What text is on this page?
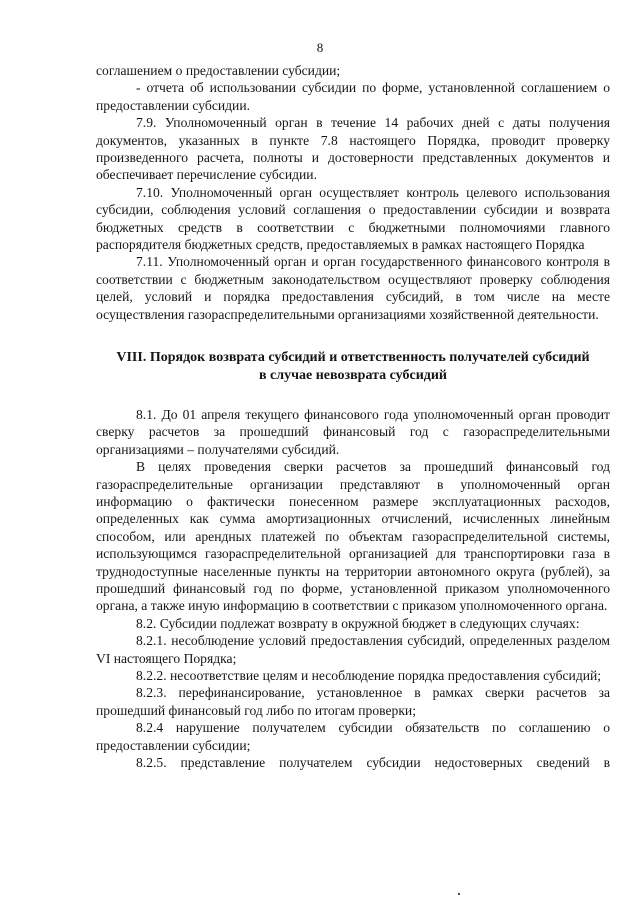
8

соглашением о предоставлении субсидии;

- отчета об использовании субсидии по форме, установленной соглашением о предоставлении субсидии.

7.9. Уполномоченный орган в течение 14 рабочих дней с даты получения документов, указанных в пункте 7.8 настоящего Порядка, проводит проверку произведенного расчета, полноты и достоверности представленных документов и обеспечивает перечисление субсидии.

7.10. Уполномоченный орган осуществляет контроль целевого использования субсидии, соблюдения условий соглашения о предоставлении субсидии и возврата бюджетных средств в соответствии с бюджетными полномочиями главного распорядителя бюджетных средств, предоставляемых в рамках настоящего Порядка

7.11. Уполномоченный орган и орган государственного финансового контроля в соответствии с бюджетным законодательством осуществляют проверку соблюдения целей, условий и порядка предоставления субсидий, в том числе на месте осуществления газораспределительными организациями хозяйственной деятельности.

VIII. Порядок возврата субсидий и ответственность получателей субсидий
в случае невозврата субсидий

8.1. До 01 апреля текущего финансового года уполномоченный орган проводит сверку расчетов за прошедший финансовый год с газораспределительными организациями – получателями субсидий.

В целях проведения сверки расчетов за прошедший финансовый год газораспределительные организации представляют в уполномоченный орган информацию о фактически понесенном размере эксплуатационных расходов, определенных как сумма амортизационных отчислений, исчисленных линейным способом, или арендных платежей по объектам газораспределительной системы, использующимся газораспределительной организацией для транспортировки газа в труднодоступные населенные пункты на территории автономного округа (рублей), за прошедший финансовый год по форме, установленной приказом уполномоченного органа, а также иную информацию в соответствии с приказом уполномоченного органа.

8.2. Субсидии подлежат возврату в окружной бюджет в следующих случаях:

8.2.1. несоблюдение условий предоставления субсидий, определенных разделом VI настоящего Порядка;

8.2.2. несоответствие целям и несоблюдение порядка предоставления субсидий;

8.2.3. перефинансирование, установленное в рамках сверки расчетов за прошедший финансовый год либо по итогам проверки;

8.2.4 нарушение получателем субсидии обязательств по соглашению о предоставлении субсидии;

8.2.5. представление получателем субсидии недостоверных сведений в
